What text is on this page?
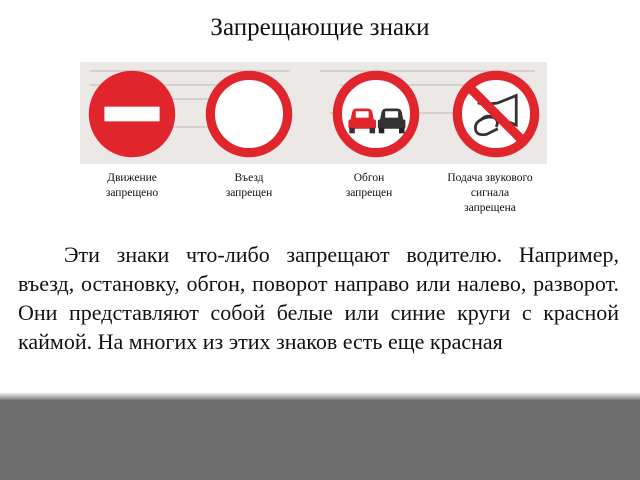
Запрещающие знаки
Движение
запрещено
Въезд
запрещен
Обгон
запрещен
Подача звукового
сигнала
запрещена

Эти знаки что-либо запрещают водителю. Например, въезд, остановку, обгон, поворот направо или налево, разворот. Они представляют собой белые или синие круги с красной каймой. На многих из этих знаков есть еще красная
